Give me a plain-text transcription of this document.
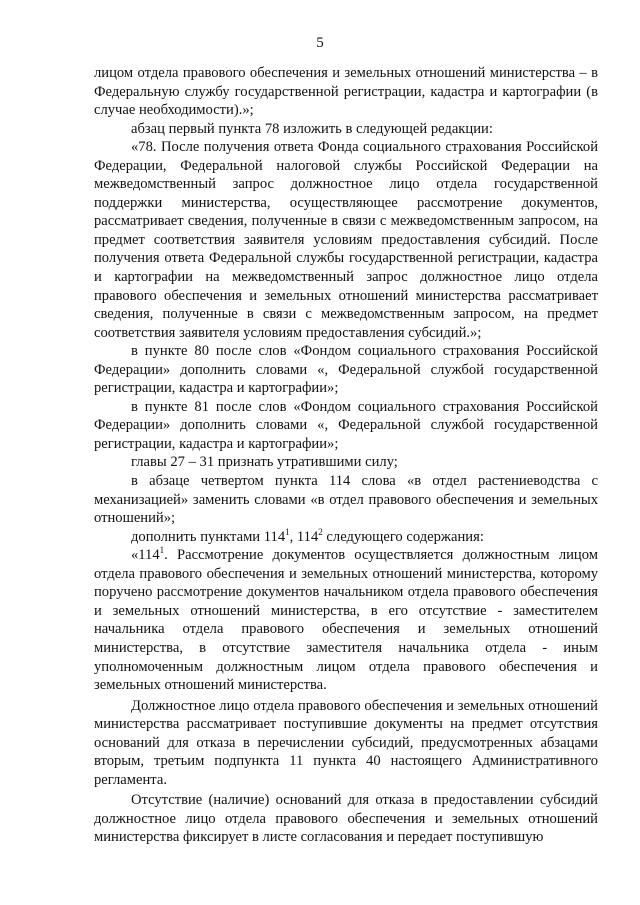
5

лицом отдела правового обеспечения и земельных отношений министерства – в Федеральную службу государственной регистрации, кадастра и картографии (в случае необходимости).»;

абзац первый пункта 78 изложить в следующей редакции:

«78. После получения ответа Фонда социального страхования Российской Федерации, Федеральной налоговой службы Российской Федерации на межведомственный запрос должностное лицо отдела государственной поддержки министерства, осуществляющее рассмотрение документов, рассматривает сведения, полученные в связи с межведомственным запросом, на предмет соответствия заявителя условиям предоставления субсидий. После получения ответа Федеральной службы государственной регистрации, кадастра и картографии на межведомственный запрос должностное лицо отдела правового обеспечения и земельных отношений министерства рассматривает сведения, полученные в связи с межведомственным запросом, на предмет соответствия заявителя условиям предоставления субсидий.»;

в пункте 80 после слов «Фондом социального страхования Российской Федерации» дополнить словами «, Федеральной службой государственной регистрации, кадастра и картографии»;

в пункте 81 после слов «Фондом социального страхования Российской Федерации» дополнить словами «, Федеральной службой государственной регистрации, кадастра и картографии»;

главы 27 – 31 признать утратившими силу;

в абзаце четвертом пункта 114 слова «в отдел растениеводства с механизацией» заменить словами «в отдел правового обеспечения и земельных отношений»;

дополнить пунктами $114^1$, $114^2$ следующего содержания:

«$114^1$. Рассмотрение документов осуществляется должностным лицом отдела правового обеспечения и земельных отношений министерства, которому поручено рассмотрение документов начальником отдела правового обеспечения и земельных отношений министерства, в его отсутствие - заместителем начальника отдела правового обеспечения и земельных отношений министерства, в отсутствие заместителя начальника отдела - иным уполномоченным должностным лицом отдела правового обеспечения и земельных отношений министерства.

Должностное лицо отдела правового обеспечения и земельных отношений министерства рассматривает поступившие документы на предмет отсутствия оснований для отказа в перечислении субсидий, предусмотренных абзацами вторым, третьим подпункта 11 пункта 40 настоящего Административного регламента.

Отсутствие (наличие) оснований для отказа в предоставлении субсидий должностное лицо отдела правового обеспечения и земельных отношений министерства фиксирует в листе согласования и передает поступившую
